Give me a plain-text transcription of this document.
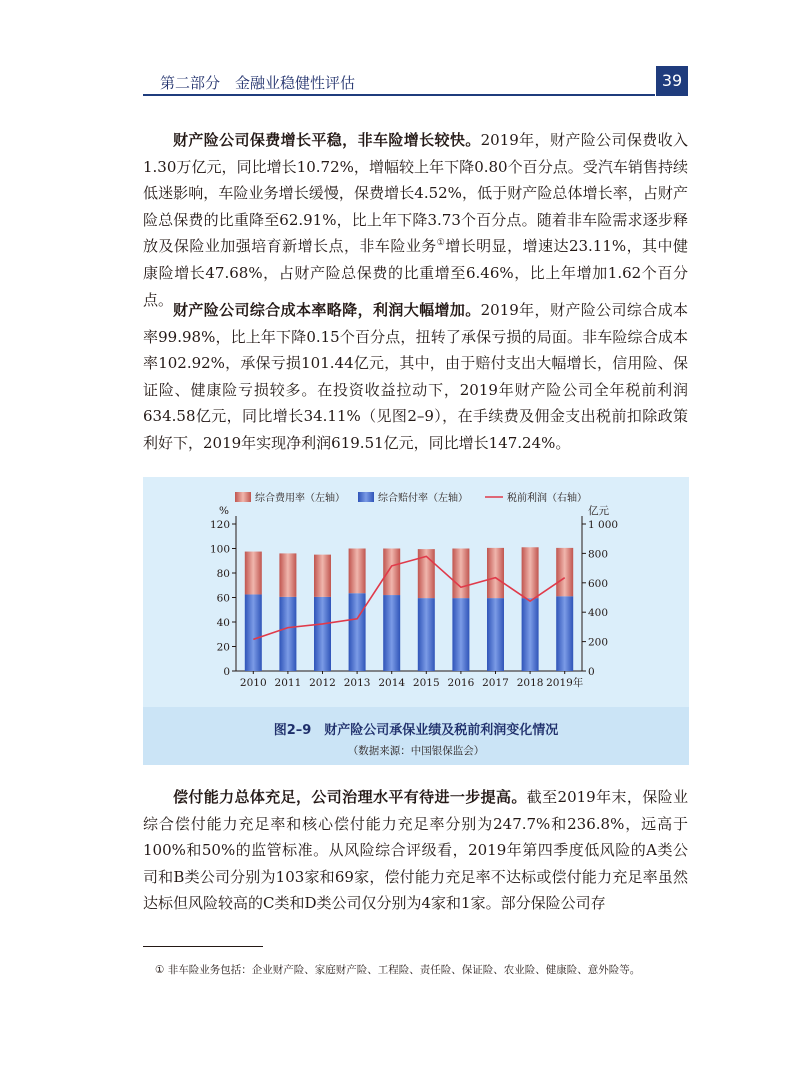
第二部分　金融业稳健性评估	39

财产险公司保费增长平稳，非车险增长较快。2019年，财产险公司保费收入1.30万亿元，同比增长10.72%，增幅较上年下降0.80个百分点。受汽车销售持续低迷影响，车险业务增长缓慢，保费增长4.52%，低于财产险总体增长率，占财产险总保费的比重降至62.91%，比上年下降3.73个百分点。随着非车险需求逐步释放及保险业加强培育新增长点，非车险业务①增长明显，增速达23.11%，其中健康险增长47.68%，占财产险总保费的比重增至6.46%，比上年增加1.62个百分点。

财产险公司综合成本率略降，利润大幅增加。2019年，财产险公司综合成本率99.98%，比上年下降0.15个百分点，扭转了承保亏损的局面。非车险综合成本率102.92%，承保亏损101.44亿元，其中，由于赔付支出大幅增长，信用险、保证险、健康险亏损较多。在投资收益拉动下，2019年财产险公司全年税前利润634.58亿元，同比增长34.11%（见图2–9），在手续费及佣金支出税前扣除政策利好下，2019年实现净利润619.51亿元，同比增长147.24%。

0
20
40
60
80
100
120
%
0
200
400
600
800
1 000
亿元
2010 2011 2012 2013 2014 2015 2016 2017 2018 2019年
综合费用率（左轴）	综合赔付率（左轴）	税前利润（右轴）
图2–9　财产险公司承保业绩及税前利润变化情况
（数据来源：中国银保监会）

偿付能力总体充足，公司治理水平有待进一步提高。截至2019年末，保险业综合偿付能力充足率和核心偿付能力充足率分别为247.7%和236.8%，远高于100%和50%的监管标准。从风险综合评级看，2019年第四季度低风险的A类公司和B类公司分别为103家和69家，偿付能力充足率不达标或偿付能力充足率虽然达标但风险较高的C类和D类公司仅分别为4家和1家。部分保险公司存

① 非车险业务包括：企业财产险、家庭财产险、工程险、责任险、保证险、农业险、健康险、意外险等。
